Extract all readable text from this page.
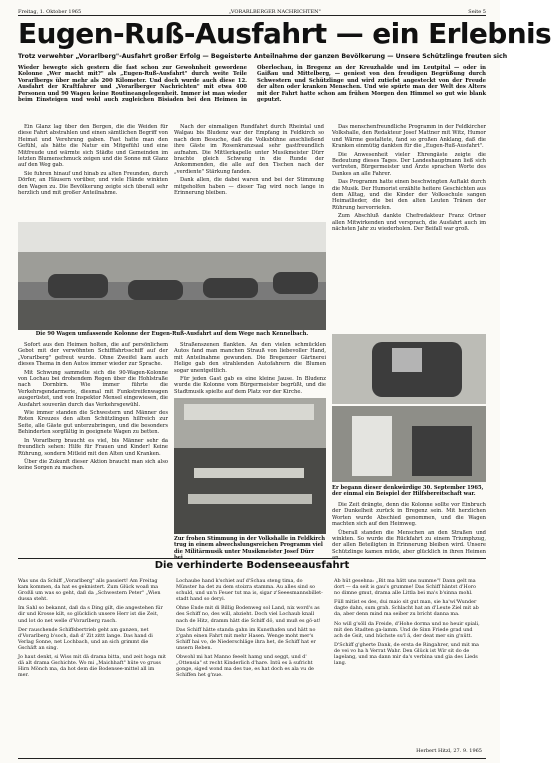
Freitag, 1. Oktober 1965	„VORARLBERGER NACHRICHTEN"	Seite 5
Eugen-Ruß-Ausfahrt — ein Erlebnis
Trotz verwehter „Vorarlberg"-Ausfahrt großer Erfolg — Begeisterte Anteilnahme der ganzen Bevölkerung — Unsere Schützlinge freuten sich
Wieder bewegte sich gestern die fast schon zur Gewohnheit gewordene Kolonne „Wer macht mit?" als „Eugen-Ruß-Ausfahrt" durch weite Teile Vorarlbergs über mehr als 200 Kilometer. Und doch wurde auch diese 12. Ausfahrt der Kraftfahrer und „Vorarlberger Nachrichten" mit etwa 400 Personen und 90 Wagen keine Routineangelegenheit. Immer ist man wieder beim Einsteigen und wohl auch zugleichen Bisiaden bei den Heimen in Oberlochau, in Bregenz an der Kreuzhalde und im Leutpital — oder in Gaißau und Mittelberg, — geniest von den freudigen Begrüßung durch Schwestern und Schützlinge und wird zutiefst angesteckt von der Freude der alten oder kranken Menschen. Und wie spürte man der Welt des Alters mit der Fahrt hatte schon am frühen Morgen den Himmel so gut wie blank geputzt.

Ein Glanz lag über den Bergen, die die Weiden für diese Fahrt abstrahlen und einen sämtlichen Begriff von Heimat und Verehrung gaben. Fast hatte man den Gefühl, als hätte die Natur ein Mitgefühl und eine Mitfreude und wärmte sich Städte und Gemeinden im letzten Blumenschmuck zeigen und die Sonne mit Glanz auf den Weg gab.

Sie fuhren hinauf und hinab zu alten Freunden, durch Dörfer, an Häusern vorüber, und viele Hände winkten den Wagen zu. Die Bevölkerung zeigte sich überall sehr herzlich und mit großer Anteilnahme.

Nach der einmaligen Rundfahrt durch Rheintal und Walgau bis Bludenz war der Empfang in Feldkirch so nach dem Besuche, daß die Volksbühne anschließend ihre Gäste im Rosenkranzsaal sehr gastfreundlich aufnahm. Die Mittlerkapelle unter Musikmeister Dürr brachte gleich Schwung in die Runde der Ankommenden, die alle auf den Tischen nach der „verdiente" Stärkung fanden.

Dank allen, die dabei waren und bei der Stimmung mitgeholfen haben — dieser Tag wird noch lange in Erinnerung bleiben.

Das menschenfreundliche Programm in der Feldkircher Volkshalle, den Redakteur Josef Mattner mit Witz, Humor und Wärme gestaltete, fand so großen Anklang, daß die Kranken einmütig dankten für die „Eugen-Ruß-Ausfahrt".

Die Anwesenheit vieler Ehrengäste zeigte die Bedeutung dieses Tages. Der Landeshauptmann ließ sich vertreten, Bürgermeister und Ärzte sprachen Worte des Dankes an alle Fahrer.

Das Programm hatte einen beschwingten Auftakt durch die Musik. Der Humorist erzählte heitere Geschichten aus dem Alltag, und die Kinder der Volksschule sangen Heimatlieder, die bei den alten Leuten Tränen der Rührung hervorriefen.

Zum Abschluß dankte Chefredakteur Franz Ortner allen Mitwirkenden und versprach, die Ausfahrt auch im nächsten Jahr zu wiederholen. Der Beifall war groß.

Die 90 Wagen umfassende Kolonne der Eugen-Ruß-Ausfahrt auf dem Wege nach Kennelbach.
Er begann dieser denkwürdige 30. September 1965, der einmal ein Beispiel der Hilfsbereitschaft war.

Die Zeit drängte, denn die Kolonne sollte vor Einbruch der Dunkelheit zurück in Bregenz sein. Mit herzlichen Worten wurde Abschied genommen, und die Wagen machten sich auf den Heimweg.

Überall standen die Menschen an den Straßen und winkten. So wurde die Rückfahrt zu einem Triumphzug, der allen Beteiligten in Erinnerung bleiben wird. Unsere Schützlinge kamen müde, aber glücklich in ihren Heimen an.

Sofort aus den Heimen holten, die auf persönlichem Gebot mit der verwöhnten Schifffahrtsschiff auf der „Vorarlberg" gefreut wurde. Ohne Zweifel kam auch dieses Thema in den Autos immer wieder zur Sprache.

Mit Schwung sammelte sich die 90-Wagen-Kolonne von Lochau bei drohendem Regen über die Hohlstraße nach Dornbirn. Wie immer führte die Verkehrsgendarmerie, diesmal mit Funkstreifenwagen ausgerüstet, und von Inspektor Mensel eingewiesen, die Ausfahrt souverän durch das Verkehrsgewühl.

Wie immer standen die Schwestern und Männer des Roten Kreuzes den alten Schützlingen hilfreich zur Seite, alle Gäste gut unterzubringen, und die besonders Behinderten sorgfältig in geeignete Wagen zu betten.

In Vorarlberg braucht es viel, bis Männer sehr da freundlich sehen: Hilfe für Frauen und Kinder! Keine Rührung, sondern Mitleid mit den Alten und Kranken.

Über die Zukunft dieser Aktion braucht man sich also keine Sorgen zu machen.

Straßenszenen flankten. An den vielen schmücklen Autos fand man manchen Strauß von liebevoller Hand, mit Anteilnahme gewunden. Die Bregenzer Gärtnerei Helige gab den strahlenden Autofahrern die Blumen sogar unentgeltlich.

Für jeden Gast gab es eine kleine Jause. In Bludenz wurde die Kolonne vom Bürgermeister begrüßt, und die Stadtmusik spielte auf dem Platz vor der Kirche.

Zur frohen Stimmung in der Volkshalle in Feldkirch trug in einem abwechslungsreichen Programm viel die Militärmusik unter Musikmeister Josef Dürr bei.
Die verhinderte Bodenseeausfahrt

Was uns da Schiff „Vorarlberg" alls passiert! Am Freitag kam kommen, da hat es geknistert. Zum Glück woaß ma Großli um was so geht, daß da „Schwestern Peter" „Wien dussa steht.

Im Sahl so bekannt, daß da s Ding gilt, die angestehen für dir und Krosse kilt, so glücklich unsere Herr ist die Zeit, und lot do net welle d'Vorarlberg rasch.

Der rauschende Schiffsbertrieb geht am ganzen, net d'Vorarlberg b'soch, daß d' Zit zittt lange. Das hand di Verlag Sonne, net Lochbach, und an sich grimmt die Gschäft an sing.

Jo haut denkt, si Wiss mit dä drama bitta, und zeit hoga mit dä alt drama Gschichte. Wo mi „Maichhaft" hüte vo gruss Hirn Mönch ma, da hot dem die Bodensee-mittel all im mer.

Lochaube hand k'schiet auf d'Schau steng tima, do Münster ha det zu dem stoizra stamma. Au alles sind so schuld, und un'n Feuer tut ma is, sigar z'Seeesmannsbillet-stadt hand so deryi.

Ohne Ende mit di Billig Bodenweg sol Land, nix word's as des Schiff no, des will, abzieht. Doch viel Lochaub knall nach de Hitz, dramm hätt die Schiff dö, und muß es gö-at!

Das Schiff hätte standa gahn im Kunsthafen und hätt no z'gahn einen Fahrt mit mehr Hasen. Wenge moht mer's Schiff hai vo, de Niederschläge ihra het, de Schiff hat er unsern Reben.

Obwohl mi hat Manno feeelt hamg und seggt, und d' „Ottensia" st recht Kinderlich d'hare. Intü es ä sufricht gonge, siged wond ma des tue, es hat doch es ala vu de Schiffen het g'nue.

Ab hüt gesehna: „Bit ma hätt uns numme"! Dann gelt ma dort — da seit is gau's grumme! Das Schiff häntst d'Horo no dimne gmut, drama alle Littla bei ma's b'sinna mohl.

Füll mitist es des, dui maio sit gut man, sie ha'wi'Wunder dagte dahn, sum grah. Schlacht hat an d'Leute Ziel mit ab da, aber denn mind ma seiber zu bricht danna ma.

No will g'söll da Freide, d'Hohe dorma und no heuir spiali, mit den Stadten ga-lamm. Und de Sinn Friede grad und ach de Gsit, und hüchste su'l ä, der deat mer sin g'nütt.

D'Schiff g'gherte Dank, de ersta de Ringahrer, und mit ma de vei vo ha h Verrat Wahr. Den Glück ist Wir sit do de lagelang, und ma dann mir da's verbina und gia des Lieds lang.

Herbert Hitzl, 27. 9. 1965
